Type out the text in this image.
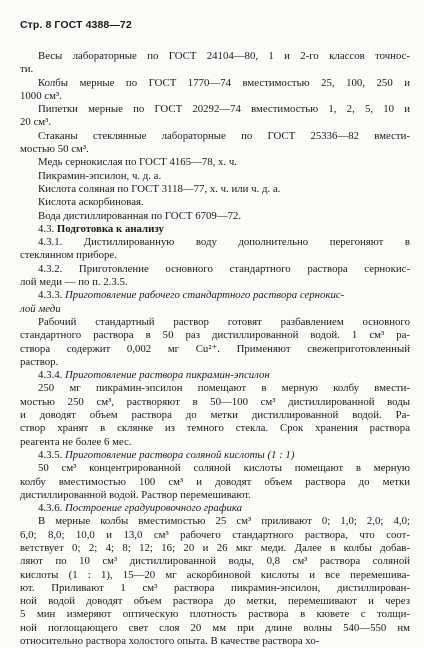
Стр. 8 ГОСТ 4388—72

Весы лабораторные по ГОСТ 24104—80, 1 и 2-го классов точнос-

ти.

Колбы мерные по ГОСТ 1770—74 вместимостью 25, 100, 250 и

1000 см³.

Пипетки мерные по ГОСТ 20292—74 вместимостью 1, 2, 5, 10 и

20 см³.

Стаканы стеклянные лабораторные по ГОСТ 25336—82 вмести-

мостью 50 см³.

Медь сернокислая по ГОСТ 4165—78, х. ч.

Пикрамин-эпсилон, ч. д. а.

Кислота соляная по ГОСТ 3118—77, х. ч. или ч. д. а.

Кислота аскорбиновая.

Вода дистиллированная по ГОСТ 6709—72.

4.3. Подготовка к анализу

4.3.1. Дистиллированную воду дополнительно перегоняют в

стеклянном приборе.

4.3.2. Приготовление основного стандартного раствора сернокис-

лой меди — по п. 2.3.5.

4.3.3. Приготовление рабочего стандартного раствора сернокис-

лой меди

Рабочий стандартный раствор готовят разбавлением основного

стандартного раствора в 50 раз дистиллированной водой. 1 см³ ра-

створа содержит 0,002 мг Cu²⁺. Применяют свежеприготовленный

раствор.

4.3.4. Приготовление раствора пикрамин-эпсилон

250 мг пикрамин-эпсилон помещают в мерную колбу вмести-

мостью 250 см³, растворяют в 50—100 см³ дистиллированной воды

и доводят объем раствора до метки дистиллированной водой. Ра-

створ хранят в склянке из темного стекла. Срок хранения раствора

реагента не более 6 мес.

4.3.5. Приготовление раствора соляной кислоты (1 : 1)

50 см³ концентрированной соляной кислоты помещают в мерную

колбу вместимостью 100 см³ и доводят объем раствора до метки

дистиллированной водой. Раствор перемешивают.

4.3.6. Построение градуировочного графика

В мерные колбы вместимостью 25 см³ приливают 0; 1,0; 2,0; 4,0;

6,0; 8,0; 10,0 и 13,0 см³ рабочего стандартного раствора, что соот-

ветствует 0; 2; 4; 8; 12; 16; 20 и 26 мкг меди. Далее в колбы добав-

ляют по 10 см³ дистиллированной воды, 0,8 см³ раствора соляной

кислоты (1 : 1), 15—20 мг аскорбиновой кислоты и все перемешива-

ют. Приливают 1 см³ раствора пикрамин-эпсилон, дистиллирован-

ной водой доводят объем раствора до метки, перемешивают и через

5 мин измеряют оптическую плотность раствора в кювете с толщи-

ной поглощающего свет слоя 20 мм при длине волны 540—550 нм

относительно раствора холостого опыта. В качестве раствора хо-
